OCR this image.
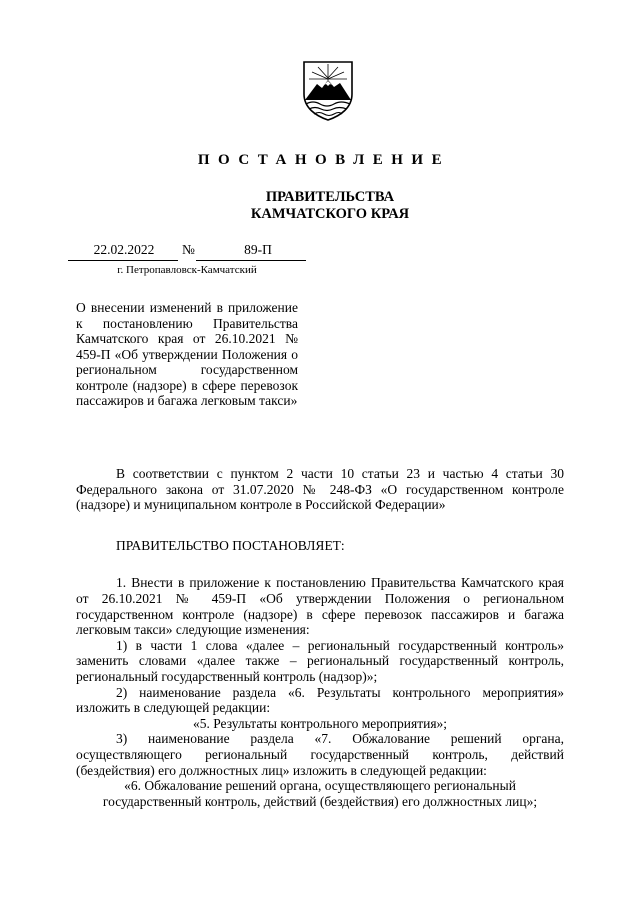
ПОСТАНОВЛЕНИЕ
ПРАВИТЕЛЬСТВА
КАМЧАТСКОГО КРАЯ
22.02.2022	№	89-П
г. Петропавловск-Камчатский
О внесении изменений в приложение к постановлению Правительства Камчатского края от 26.10.2021 № 459-П «Об утверждении Положения о региональном государственном контроле (надзоре) в сфере перевозок пассажиров и багажа легковым такси»

В соответствии с пунктом 2 части 10 статьи 23 и частью 4 статьи 30 Федерального закона от 31.07.2020 № 248-ФЗ «О государственном контроле (надзоре) и муниципальном контроле в Российской Федерации»

ПРАВИТЕЛЬСТВО ПОСТАНОВЛЯЕТ:

1. Внести в приложение к постановлению Правительства Камчатского края от 26.10.2021 № 459-П «Об утверждении Положения о региональном государственном контроле (надзоре) в сфере перевозок пассажиров и багажа легковым такси» следующие изменения:

1) в части 1 слова «далее – региональный государственный контроль» заменить словами «далее также – региональный государственный контроль, региональный государственный контроль (надзор)»;

2) наименование раздела «6. Результаты контрольного мероприятия» изложить в следующей редакции:

«5. Результаты контрольного мероприятия»;

3) наименование раздела «7. Обжалование решений органа, осуществляющего региональный государственный контроль, действий (бездействия) его должностных лиц» изложить в следующей редакции:

«6. Обжалование решений органа, осуществляющего региональный

государственный контроль, действий (бездействия) его должностных лиц»;
